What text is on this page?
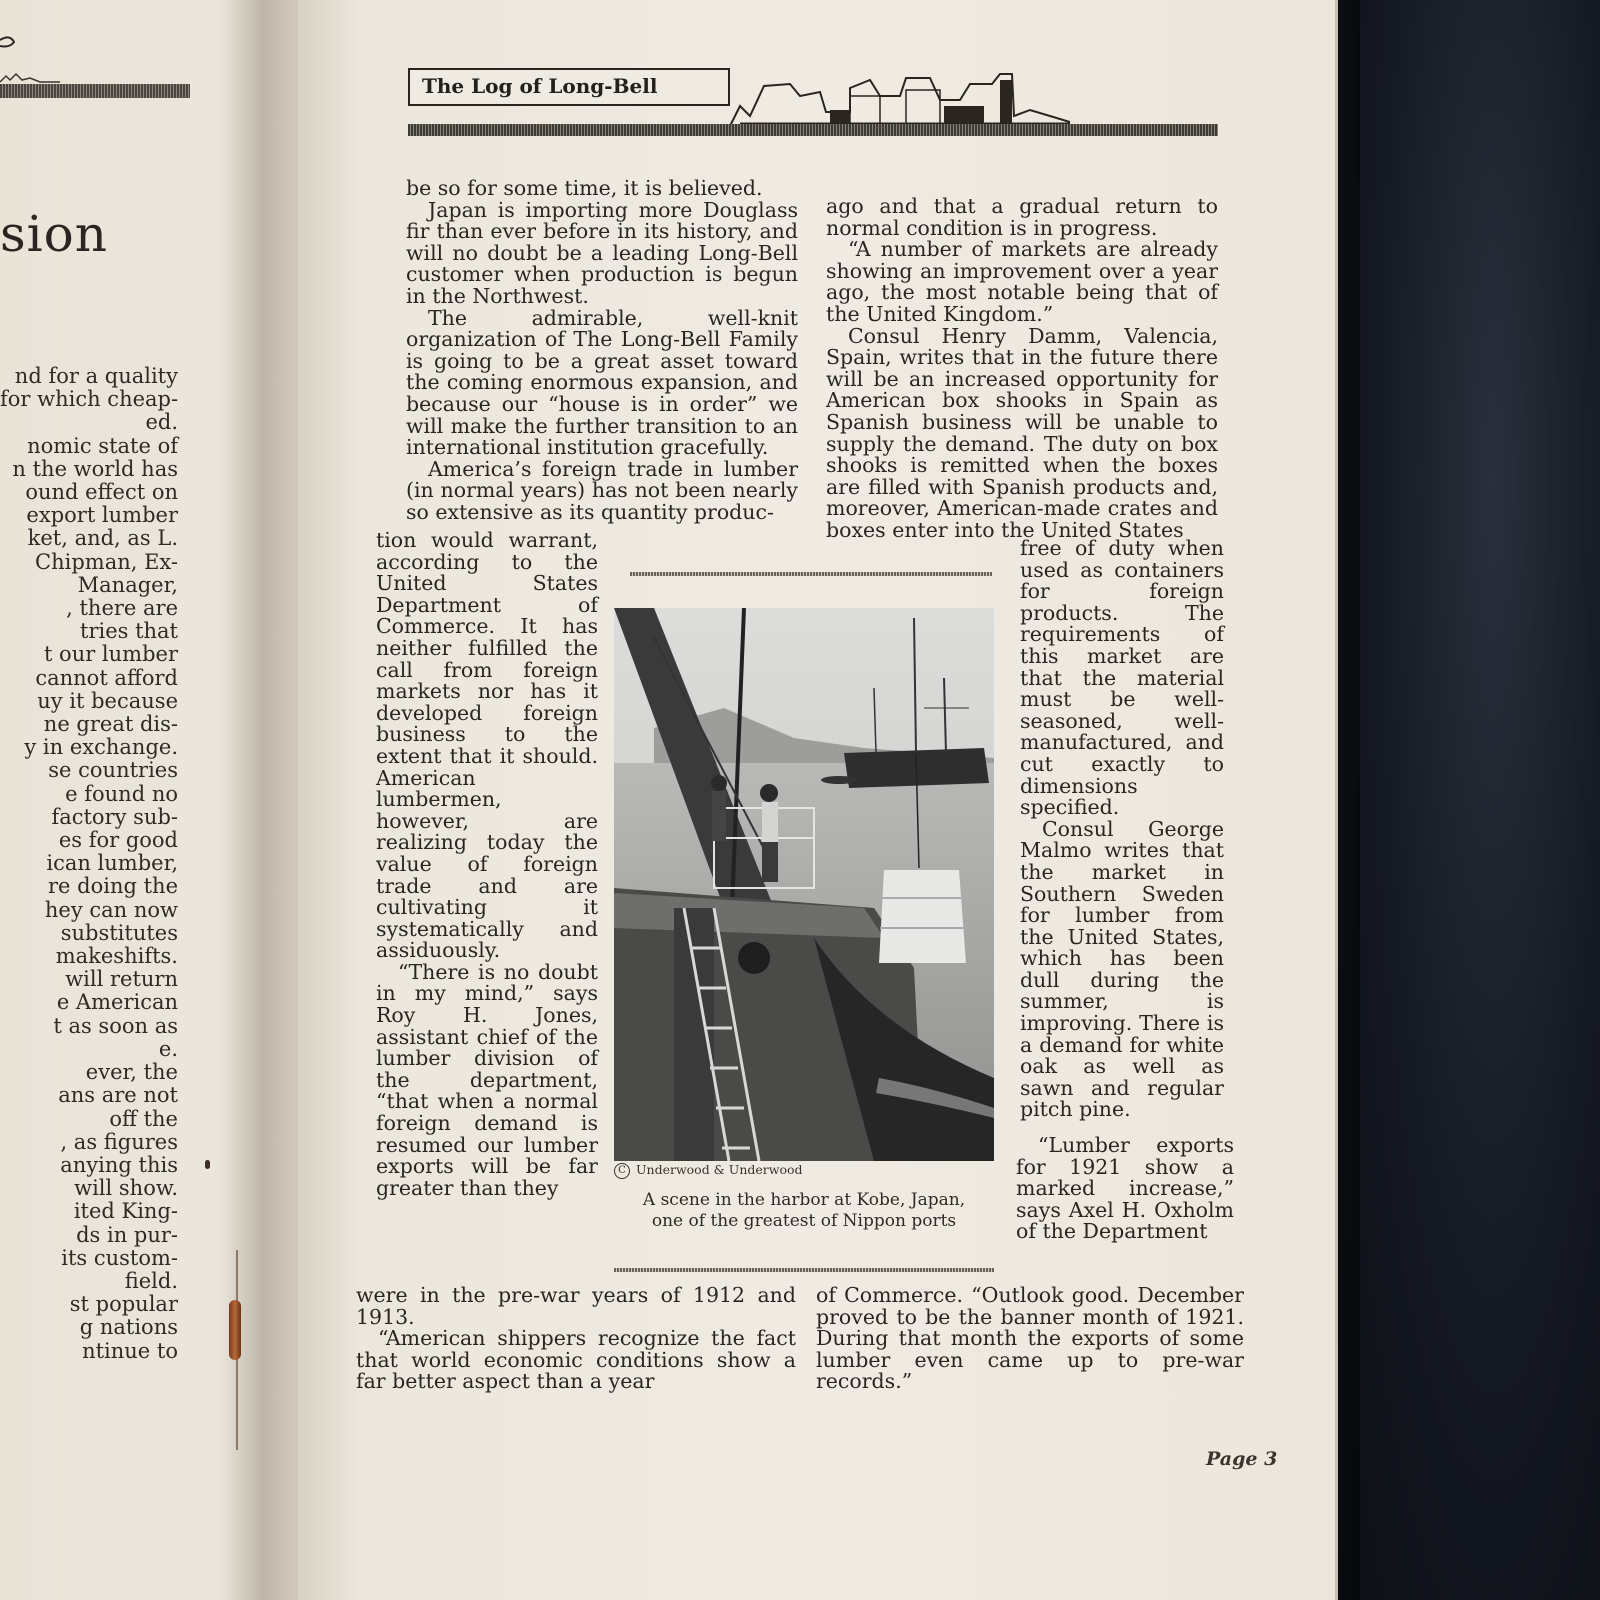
sion
nd for a quality
for which cheap-
ed.
nomic state of
n the world has
ound effect on
export lumber
ket, and, as L.
Chipman, Ex-
Manager,
, there are
tries that
t our lumber
cannot afford
uy it because
ne great dis-
y in exchange.
se countries
e found no
factory sub-
es for good
ican lumber,
re doing the
hey can now
substitutes
makeshifts.
will return
e American
t as soon as
e.
ever, the
ans are not
off the
, as figures
anying this
will show.
ited King-
ds in pur-
its custom-
field.
st popular
g nations
ntinue to
The Log of Long-Bell

be so for some time, it is believed.

Japan is importing more Douglass fir than ever before in its history, and will no doubt be a leading Long-Bell customer when production is begun in the Northwest.

The admirable, well-knit organization of The Long-Bell Family is going to be a great asset toward the coming enormous expansion, and because our “house is in order” we will make the further transition to an international institution gracefully.

America’s foreign trade in lumber (in normal years) has not been nearly so extensive as its quantity produc-

tion would warrant, according to the United States Department of Commerce. It has neither fulfilled the call from foreign markets nor has it developed foreign business to the extent that it should. American lumbermen, however, are realizing today the value of foreign trade and are cultivating it systematically and assiduously.

“There is no doubt in my mind,” says Roy H. Jones, assistant chief of the lumber division of the department, “that when a normal foreign demand is resumed our lumber exports will be far greater than they

were in the pre-war years of 1912 and 1913.

“American shippers recognize the fact that world economic conditions show a far better aspect than a year

ago and that a gradual return to normal condition is in progress.

“A number of markets are already showing an improvement over a year ago, the most notable being that of the United Kingdom.”

Consul Henry Damm, Valencia, Spain, writes that in the future there will be an increased opportunity for American box shooks in Spain as Spanish business will be unable to supply the demand. The duty on box shooks is remitted when the boxes are filled with Spanish products and, moreover, American-made crates and boxes enter into the United States

free of duty when used as containers for foreign products. The requirements of this market are that the material must be well-seasoned, well-manufactured, and cut exactly to dimensions specified.

Consul George Malmo writes that the market in Southern Sweden for lumber from the United States, which has been dull during the summer, is improving. There is a demand for white oak as well as sawn and regular pitch pine.

“Lumber exports for 1921 show a marked increase,” says Axel H. Oxholm of the Department

of Commerce. “Outlook good. December proved to be the banner month of 1921. During that month the exports of some lumber even came up to pre-war records.”

C Underwood & Underwood
A scene in the harbor at Kobe, Japan,
one of the greatest of Nippon ports
Page 3
